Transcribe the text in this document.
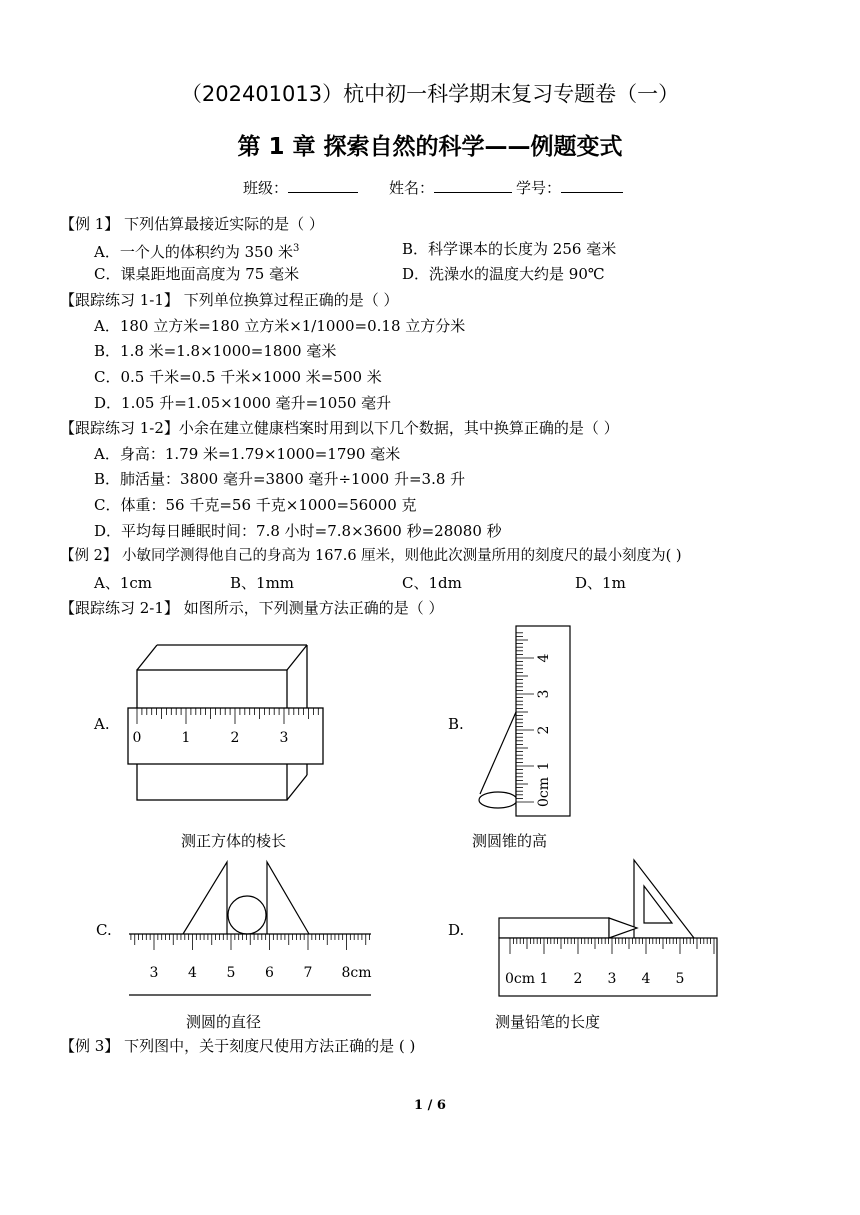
（202401013）杭中初一科学期末复习专题卷（一）
第 1 章 探索自然的科学——例题变式
班级：	姓名：	学号：
【例 1】 下列估算最接近实际的是（ ）
A．一个人的体积约为 350 米$^3$	B．科学课本的长度为 256 毫米
C．课桌距地面高度为 75 毫米	D．洗澡水的温度大约是 90℃
【跟踪练习 1-1】 下列单位换算过程正确的是（ ）
A．180 立方米=180 立方米×1/1000=0.18 立方分米
B．1.8 米=1.8×1000=1800 毫米
C．0.5 千米=0.5 千米×1000 米=500 米
D．1.05 升=1.05×1000 毫升=1050 毫升
【跟踪练习 1-2】小余在建立健康档案时用到以下几个数据，其中换算正确的是（ ）
A．身高：1.79 米=1.79×1000=1790 毫米
B．肺活量：3800 毫升=3800 毫升÷1000 升=3.8 升
C．体重：56 千克=56 千克×1000=56000 克
D．平均每日睡眠时间：7.8 小时=7.8×3600 秒=28080 秒
【例 2】 小敏同学测得他自己的身高为 167.6 厘米，则他此次测量所用的刻度尺的最小刻度为( )
A、1cm	B、1mm	C、1dm	D、1m
【跟踪练习 2-1】 如图所示，下列测量方法正确的是（ ）
A.
0	1	2	3
测正方体的棱长
B.
0cm
1
2
3
4
测圆锥的高
C.
3 4 5 6 7 8cm
测圆的直径
D.
0cm 1 2 3 4 5
测量铅笔的长度
【例 3】 下列图中，关于刻度尺使用方法正确的是 ( )
1 / 6
